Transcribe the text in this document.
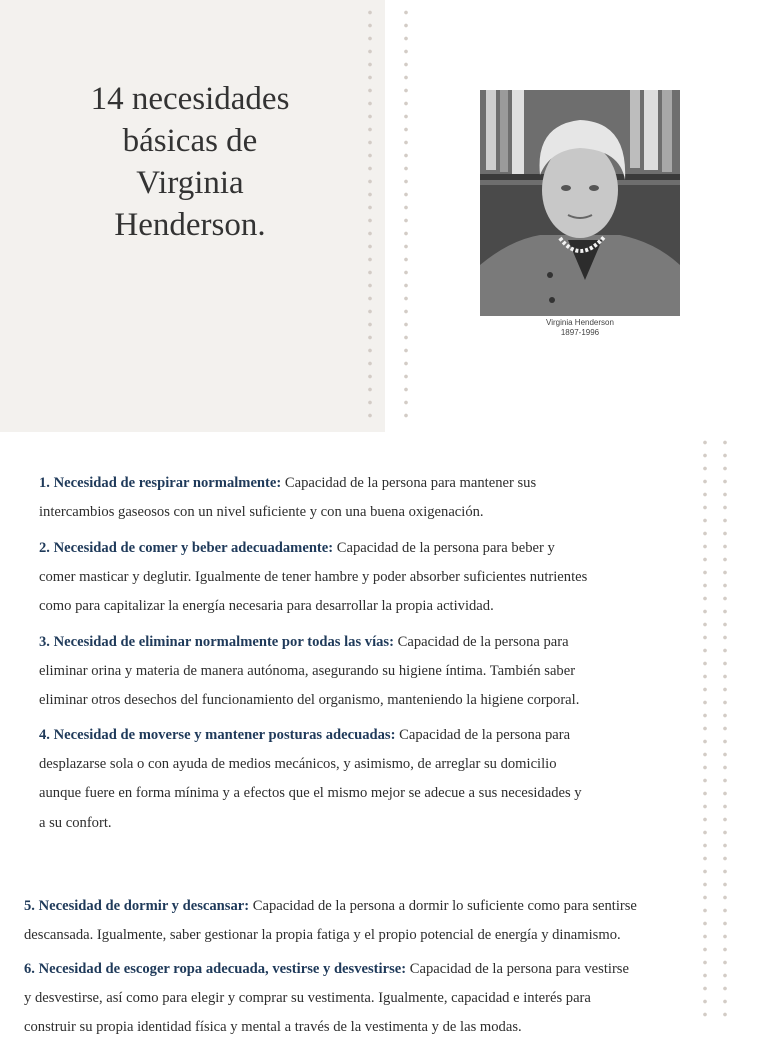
14 necesidades
básicas de
Virginia
Henderson.
Virginia Henderson
1897-1996
1. Necesidad de respirar normalmente: Capacidad de la persona para mantener sus
intercambios gaseosos con un nivel suficiente y con una buena oxigenación.
2. Necesidad de comer y beber adecuadamente: Capacidad de la persona para beber y
comer masticar y deglutir. Igualmente de tener hambre y poder absorber suficientes nutrientes
como para capitalizar la energía necesaria para desarrollar la propia actividad.
3. Necesidad de eliminar normalmente por todas las vías: Capacidad de la persona para
eliminar orina y materia de manera autónoma, asegurando su higiene íntima. También saber
eliminar otros desechos del funcionamiento del organismo, manteniendo la higiene corporal.
4. Necesidad de moverse y mantener posturas adecuadas: Capacidad de la persona para
desplazarse sola o con ayuda de medios mecánicos, y asimismo, de arreglar su domicilio
aunque fuere en forma mínima y a efectos que el mismo mejor se adecue a sus necesidades y
a su confort.
5. Necesidad de dormir y descansar: Capacidad de la persona a dormir lo suficiente como para sentirse
descansada. Igualmente, saber gestionar la propia fatiga y el propio potencial de energía y dinamismo.
6. Necesidad de escoger ropa adecuada, vestirse y desvestirse: Capacidad de la persona para vestirse
y desvestirse, así como para elegir y comprar su vestimenta. Igualmente, capacidad e interés para
construir su propia identidad física y mental a través de la vestimenta y de las modas.
